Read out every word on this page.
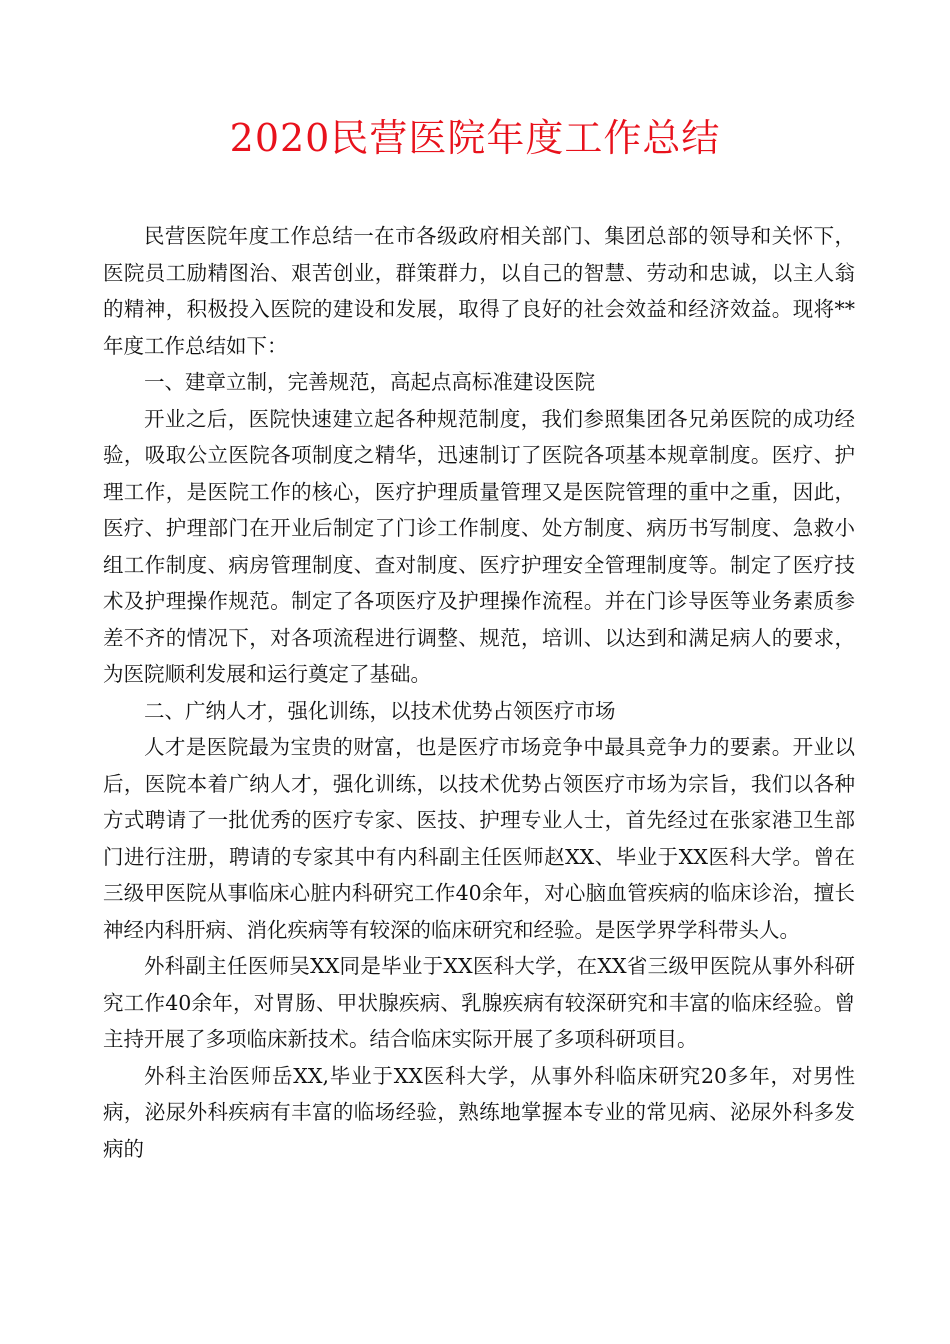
2020民营医院年度工作总结

民营医院年度工作总结一在市各级政府相关部门、集团总部的领导和关怀下，医院员工励精图治、艰苦创业，群策群力，以自己的智慧、劳动和忠诚，以主人翁的精神，积极投入医院的建设和发展，取得了良好的社会效益和经济效益。现将**年度工作总结如下：

一、建章立制，完善规范，高起点高标准建设医院

开业之后，医院快速建立起各种规范制度，我们参照集团各兄弟医院的成功经验，吸取公立医院各项制度之精华，迅速制订了医院各项基本规章制度。医疗、护理工作，是医院工作的核心，医疗护理质量管理又是医院管理的重中之重，因此，医疗、护理部门在开业后制定了门诊工作制度、处方制度、病历书写制度、急救小组工作制度、病房管理制度、查对制度、医疗护理安全管理制度等。制定了医疗技术及护理操作规范。制定了各项医疗及护理操作流程。并在门诊导医等业务素质参差不齐的情况下，对各项流程进行调整、规范，培训、以达到和满足病人的要求，为医院顺利发展和运行奠定了基础。

二、广纳人才，强化训练，以技术优势占领医疗市场

人才是医院最为宝贵的财富，也是医疗市场竞争中最具竞争力的要素。开业以后，医院本着广纳人才，强化训练，以技术优势占领医疗市场为宗旨，我们以各种方式聘请了一批优秀的医疗专家、医技、护理专业人士，首先经过在张家港卫生部门进行注册，聘请的专家其中有内科副主任医师赵XX、毕业于XX医科大学。曾在三级甲医院从事临床心脏内科研究工作40余年，对心脑血管疾病的临床诊治，擅长神经内科肝病、消化疾病等有较深的临床研究和经验。是医学界学科带头人。

外科副主任医师吴XX同是毕业于XX医科大学，在XX省三级甲医院从事外科研究工作40余年，对胃肠、甲状腺疾病、乳腺疾病有较深研究和丰富的临床经验。曾主持开展了多项临床新技术。结合临床实际开展了多项科研项目。

外科主治医师岳XX,毕业于XX医科大学，从事外科临床研究20多年，对男性病，泌尿外科疾病有丰富的临场经验，熟练地掌握本专业的常见病、泌尿外科多发病的
